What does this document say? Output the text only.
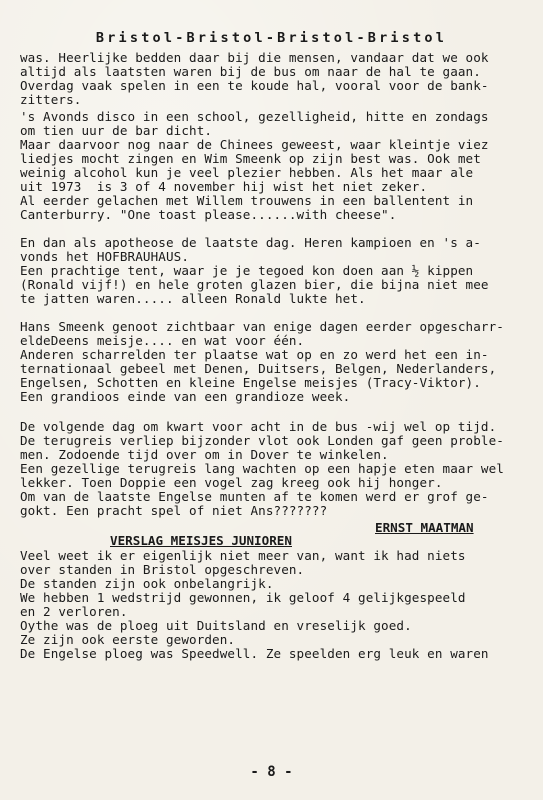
Bristol-Bristol-Bristol-Bristol
was. Heerlijke bedden daar bij die mensen, vandaar dat we ook
altijd als laatsten waren bij de bus om naar de hal te gaan.
Overdag vaak spelen in een te koude hal, vooral voor de bank-
zitters.
's Avonds disco in een school, gezelligheid, hitte en zondags
om tien uur de bar dicht.
Maar daarvoor nog naar de Chinees geweest, waar kleintje viez
liedjes mocht zingen en Wim Smeenk op zijn best was. Ook met
weinig alcohol kun je veel plezier hebben. Als het maar ale
uit 1973  is 3 of 4 november hij wist het niet zeker.
Al eerder gelachen met Willem trouwens in een ballentent in
Canterburry. "One toast please......with cheese".
En dan als apotheose de laatste dag. Heren kampioen en 's a-
vonds het HOFBRAUHAUS.
Een prachtige tent, waar je je tegoed kon doen aan ½ kippen
(Ronald vijf!) en hele groten glazen bier, die bijna niet mee
te jatten waren..... alleen Ronald lukte het.
Hans Smeenk genoot zichtbaar van enige dagen eerder opgescharr-
eldeDeens meisje.... en wat voor één.
Anderen scharrelden ter plaatse wat op en zo werd het een in-
ternationaal gebeel met Denen, Duitsers, Belgen, Nederlanders,
Engelsen, Schotten en kleine Engelse meisjes (Tracy-Viktor).
Een grandioos einde van een grandioze week.
De volgende dag om kwart voor acht in de bus -wij wel op tijd.
De terugreis verliep bijzonder vlot ook Londen gaf geen proble-
men. Zodoende tijd over om in Dover te winkelen.
Een gezellige terugreis lang wachten op een hapje eten maar wel
lekker. Toen Doppie een vogel zag kreeg ook hij honger.
Om van de laatste Engelse munten af te komen werd er grof ge-
gokt. Een pracht spel of niet Ans???????
ERNST MAATMAN
VERSLAG MEISJES JUNIOREN
Veel weet ik er eigenlijk niet meer van, want ik had niets
over standen in Bristol opgeschreven.
De standen zijn ook onbelangrijk.
We hebben 1 wedstrijd gewonnen, ik geloof 4 gelijkgespeeld
en 2 verloren.
Oythe was de ploeg uit Duitsland en vreselijk goed.
Ze zijn ook eerste geworden.
De Engelse ploeg was Speedwell. Ze speelden erg leuk en waren
- 8 -
